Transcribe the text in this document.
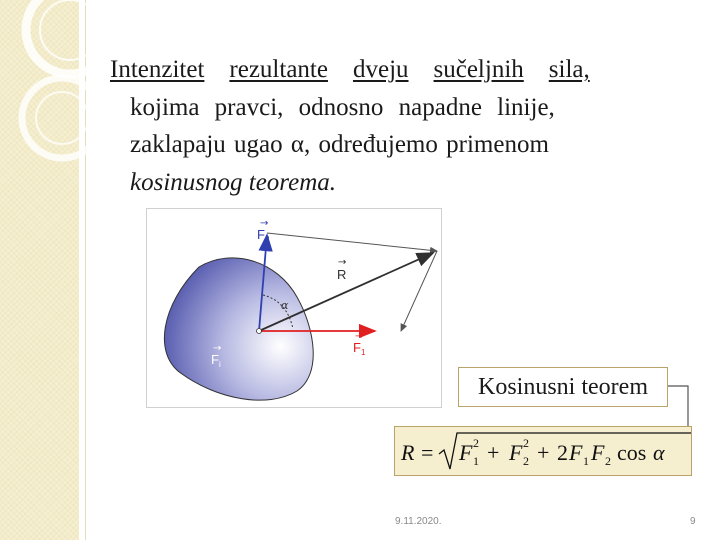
Intenzitet rezultante dveju sučeljnih sila,
kojima pravci, odnosno napadne linije,
zaklapaju ugao α, određujemo primenom
kosinusnog teorema.
α
$F_2$
→
R
→
$F_1$
→
$F_i$
→
Kosinusni teorem
R = F 1
2 + F 2
2 + 2 F 1 F 2 cos α
9.11.2020.	9
